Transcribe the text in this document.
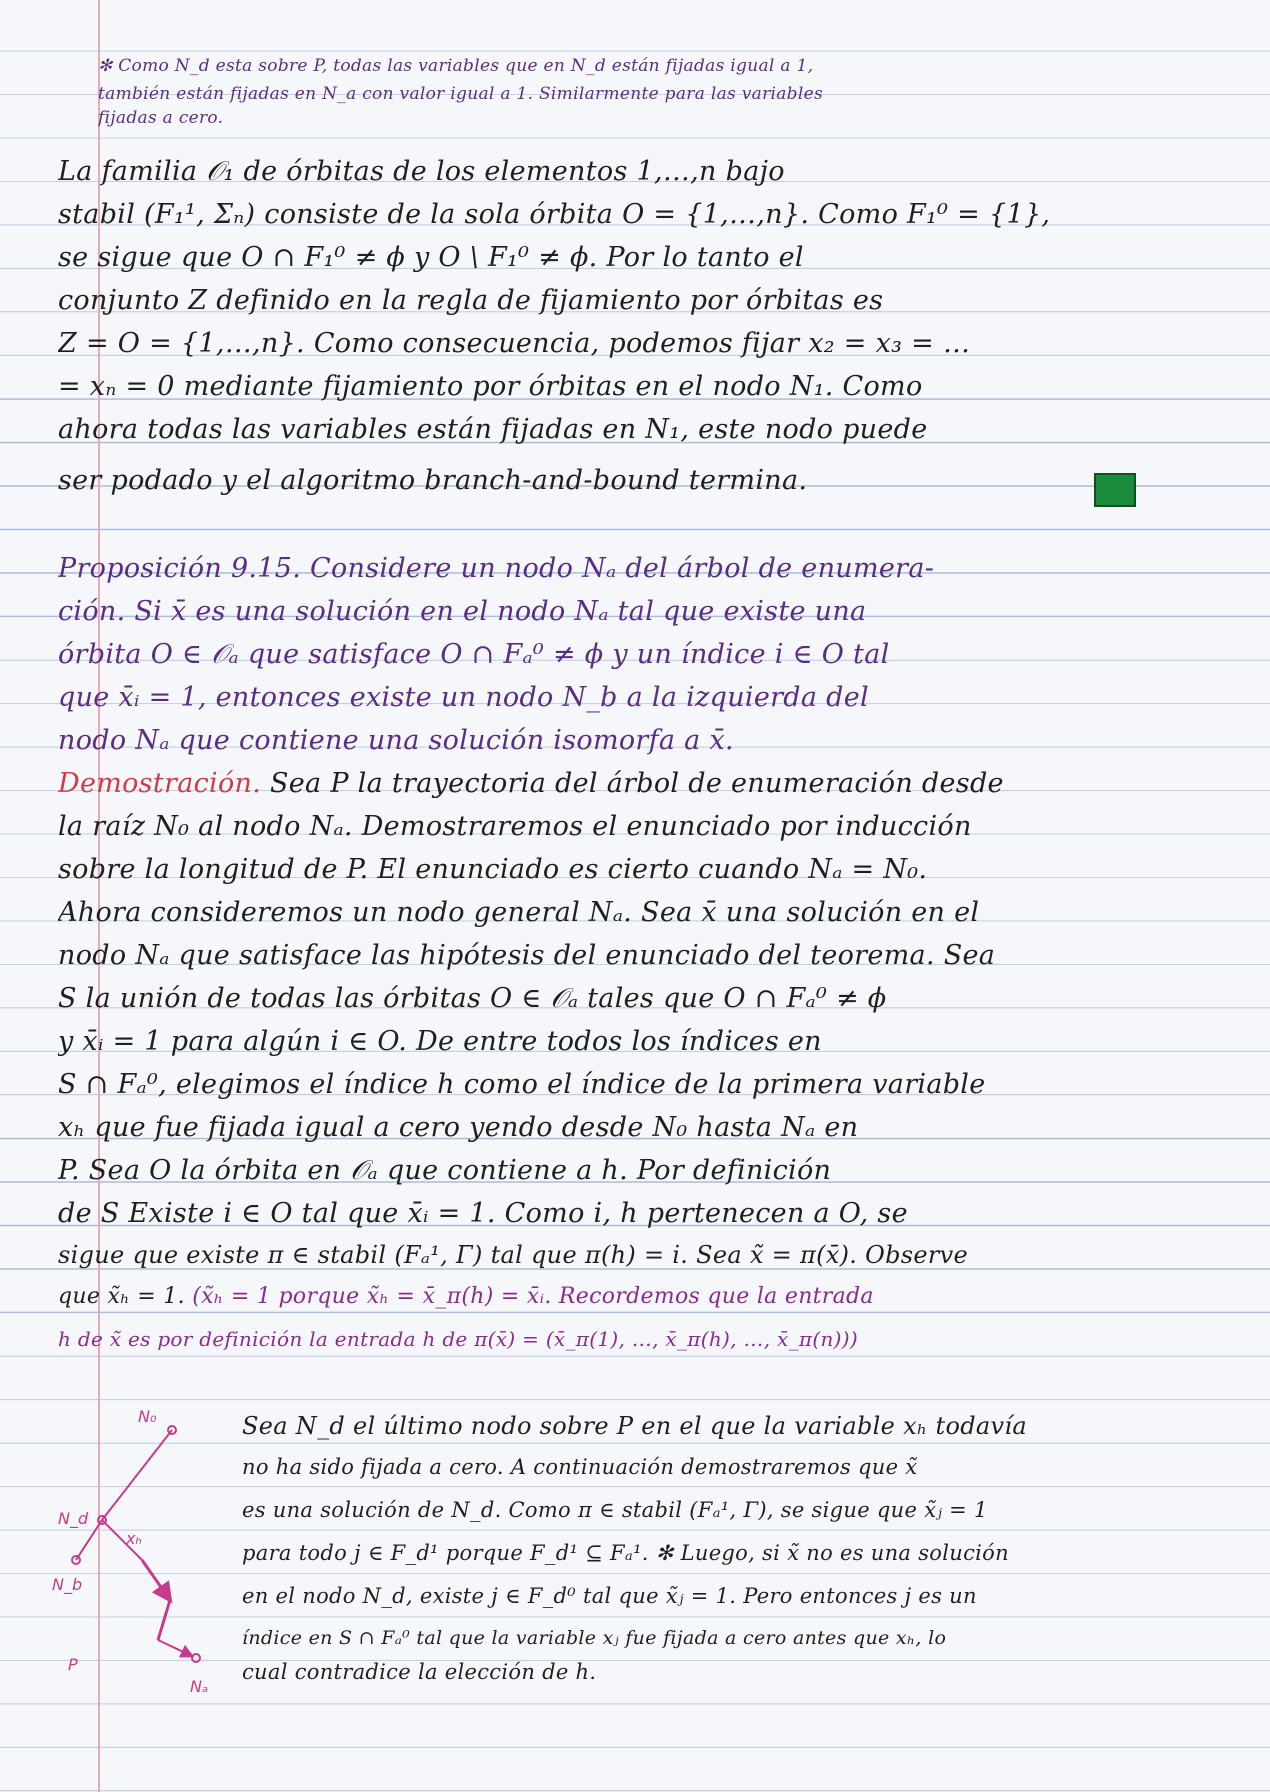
✻ Como N_d esta sobre P, todas las variables que en N_d están fijadas igual a 1,
también están fijadas en N_a con valor igual a 1. Similarmente para las variables
fijadas a cero.
La familia 𝒪₁ de órbitas de los elementos 1,…,n bajo
stabil (F₁¹, Σₙ) consiste de la sola órbita O = {1,…,n}. Como F₁⁰ = {1},
se sigue que O ∩ F₁⁰ ≠ ϕ y O \ F₁⁰ ≠ ϕ. Por lo tanto el
conjunto Z definido en la regla de fijamiento por órbitas es
Z = O = {1,…,n}. Como consecuencia, podemos fijar x₂ = x₃ = …
= xₙ = 0 mediante fijamiento por órbitas en el nodo N₁. Como
ahora todas las variables están fijadas en N₁, este nodo puede
ser podado y el algoritmo branch-and-bound termina.
Proposición 9.15. Considere un nodo Nₐ del árbol de enumera-
ción. Si x̄ es una solución en el nodo Nₐ tal que existe una
órbita O ∈ 𝒪ₐ que satisface O ∩ Fₐ⁰ ≠ ϕ y un índice i ∈ O tal
que x̄ᵢ = 1, entonces existe un nodo N_b a la izquierda del
nodo Nₐ que contiene una solución isomorfa a x̄.
Demostración. Sea P la trayectoria del árbol de enumeración desde
la raíz N₀ al nodo Nₐ. Demostraremos el enunciado por inducción
sobre la longitud de P. El enunciado es cierto cuando Nₐ = N₀.
Ahora consideremos un nodo general Nₐ. Sea x̄ una solución en el
nodo Nₐ que satisface las hipótesis del enunciado del teorema. Sea
S la unión de todas las órbitas O ∈ 𝒪ₐ tales que O ∩ Fₐ⁰ ≠ ϕ
y x̄ᵢ = 1 para algún i ∈ O. De entre todos los índices en
S ∩ Fₐ⁰, elegimos el índice h como el índice de la primera variable
xₕ que fue fijada igual a cero yendo desde N₀ hasta Nₐ en
P. Sea O la órbita en 𝒪ₐ que contiene a h. Por definición
de S Existe i ∈ O tal que x̄ᵢ = 1. Como i, h pertenecen a O, se
sigue que existe π ∈ stabil (Fₐ¹, Γ) tal que π(h) = i. Sea x̃ = π(x̄). Observe
que x̃ₕ = 1. (x̃ₕ = 1 porque x̃ₕ = x̄_π(h) = x̄ᵢ. Recordemos que la entrada
h de x̃ es por definición la entrada h de π(x̄) = (x̄_π(1), …, x̄_π(h), …, x̄_π(n)))
N₀
N_d
xₕ
N_b
P
Nₐ
Sea N_d el último nodo sobre P en el que la variable xₕ todavía
no ha sido fijada a cero. A continuación demostraremos que x̃
es una solución de N_d. Como π ∈ stabil (Fₐ¹, Γ), se sigue que x̃ⱼ = 1
para todo j ∈ F_d¹ porque F_d¹ ⊆ Fₐ¹. ✻ Luego, si x̃ no es una solución
en el nodo N_d, existe j ∈ F_d⁰ tal que x̃ⱼ = 1. Pero entonces j es un
índice en S ∩ Fₐ⁰ tal que la variable xⱼ fue fijada a cero antes que xₕ, lo
cual contradice la elección de h.
